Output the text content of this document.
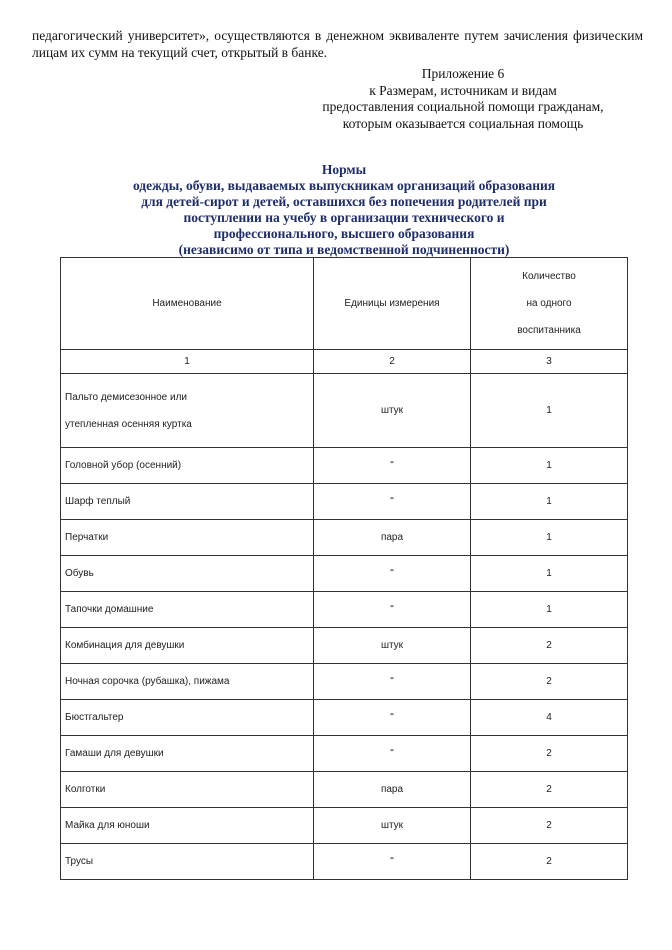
педагогический университет», осуществляются в денежном эквиваленте путем зачисления физическим
лицам их сумм на текущий счет, открытый в банке.
Приложение 6
к Размерам, источникам и видам
предоставления социальной помощи гражданам,
которым оказывается социальная помощь
Нормы
одежды, обуви, выдаваемых выпускникам организаций образования
для детей-сирот и детей, оставшихся без попечения родителей при
поступлении на учебу в организации технического и
профессионального, высшего образования
(независимо от типа и ведомственной подчиненности)
Наименование	Единицы измерения	Количество
на одного
воспитанника

1	2	3

Пальто демисезонное или
утепленная осенняя куртка	штук	1
Головной убор (осенний)	"	1
Шарф теплый	"	1
Перчатки	пара	1
Обувь	"	1
Тапочки домашние	"	1
Комбинация для девушки	штук	2
Ночная сорочка (рубашка), пижама	"	2
Бюстгальтер	"	4
Гамаши для девушки	"	2
Колготки	пара	2
Майка для юноши	штук	2
Трусы	"	2
